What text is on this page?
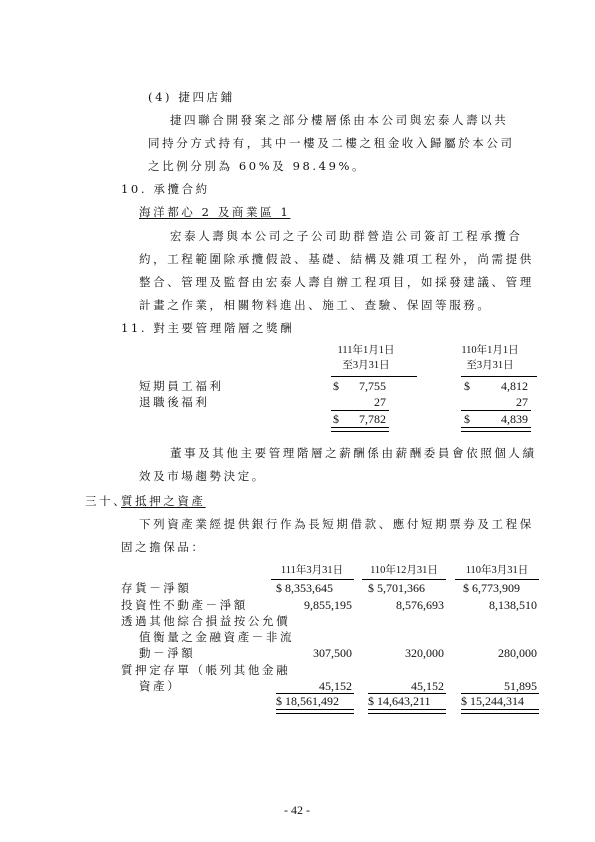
(4) 捷四店鋪
捷四聯合開發案之部分樓層係由本公司與宏泰人壽以共
同持分方式持有，其中一樓及二樓之租金收入歸屬於本公司
之比例分別為 60%及 98.49%。
10. 承攬合約
海洋都心 2 及商業區 1
宏泰人壽與本公司之子公司助群營造公司簽訂工程承攬合
約，工程範圍除承攬假設、基礎、結構及雜項工程外，尚需提供
整合、管理及監督由宏泰人壽自辦工程項目，如採發建議、管理
計畫之作業，相關物料進出、施工、查驗、保固等服務。
11. 對主要管理階層之獎酬
111年1月1日
至3月31日
110年1月1日
至3月31日
短期員工福利	$	7,755	$	4,812
退職後福利	27	27
$	7,782	$	4,839
董事及其他主要管理階層之薪酬係由薪酬委員會依照個人績
效及市場趨勢決定。
三十、
質抵押之資產
下列資產業經提供銀行作為長短期借款、應付短期票券及工程保
固之擔保品：
111年3月31日	110年12月31日	110年3月31日
存貨－淨額	$ 8,353,645	$ 5,701,366	$ 6,773,909
投資性不動產－淨額	9,855,195	8,576,693	8,138,510
透過其他綜合損益按公允價
值衡量之金融資產－非流
動－淨額	307,500	320,000	280,000
質押定存單（帳列其他金融
資產）	45,152	45,152	51,895
$ 18,561,492	$ 14,643,211	$ 15,244,314
- 42 -
